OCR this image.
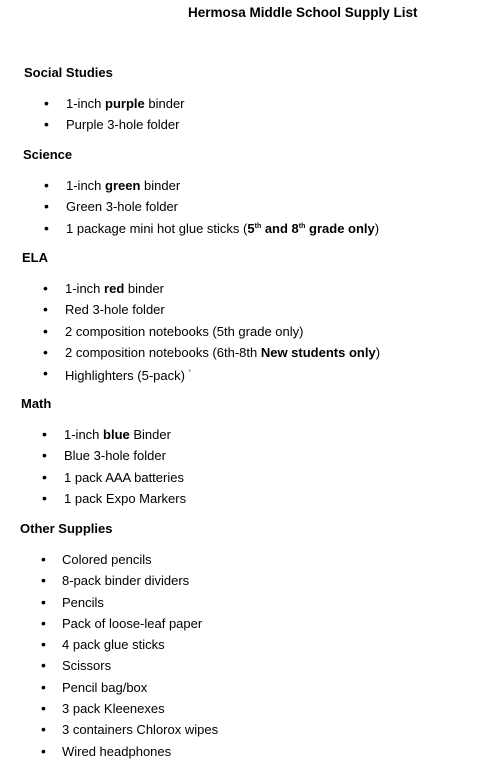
Hermosa Middle School Supply List
Social Studies
• 1-inch purple binder
• Purple 3-hole folder
Science
• 1-inch green binder
• Green 3-hole folder
• 1 package mini hot glue sticks (5th and 8th grade only)
ELA
• 1-inch red binder
• Red 3-hole folder
• 2 composition notebooks (5th grade only)
• 2 composition notebooks (6th-8th New students only)
• Highlighters (5-pack) '
Math
• 1-inch blue Binder
• Blue 3-hole folder
• 1 pack AAA batteries
• 1 pack Expo Markers
Other Supplies
• Colored pencils
• 8-pack binder dividers
• Pencils
• Pack of loose-leaf paper
• 4 pack glue sticks
• Scissors
• Pencil bag/box
• 3 pack Kleenexes
• 3 containers Chlorox wipes
• Wired headphones
